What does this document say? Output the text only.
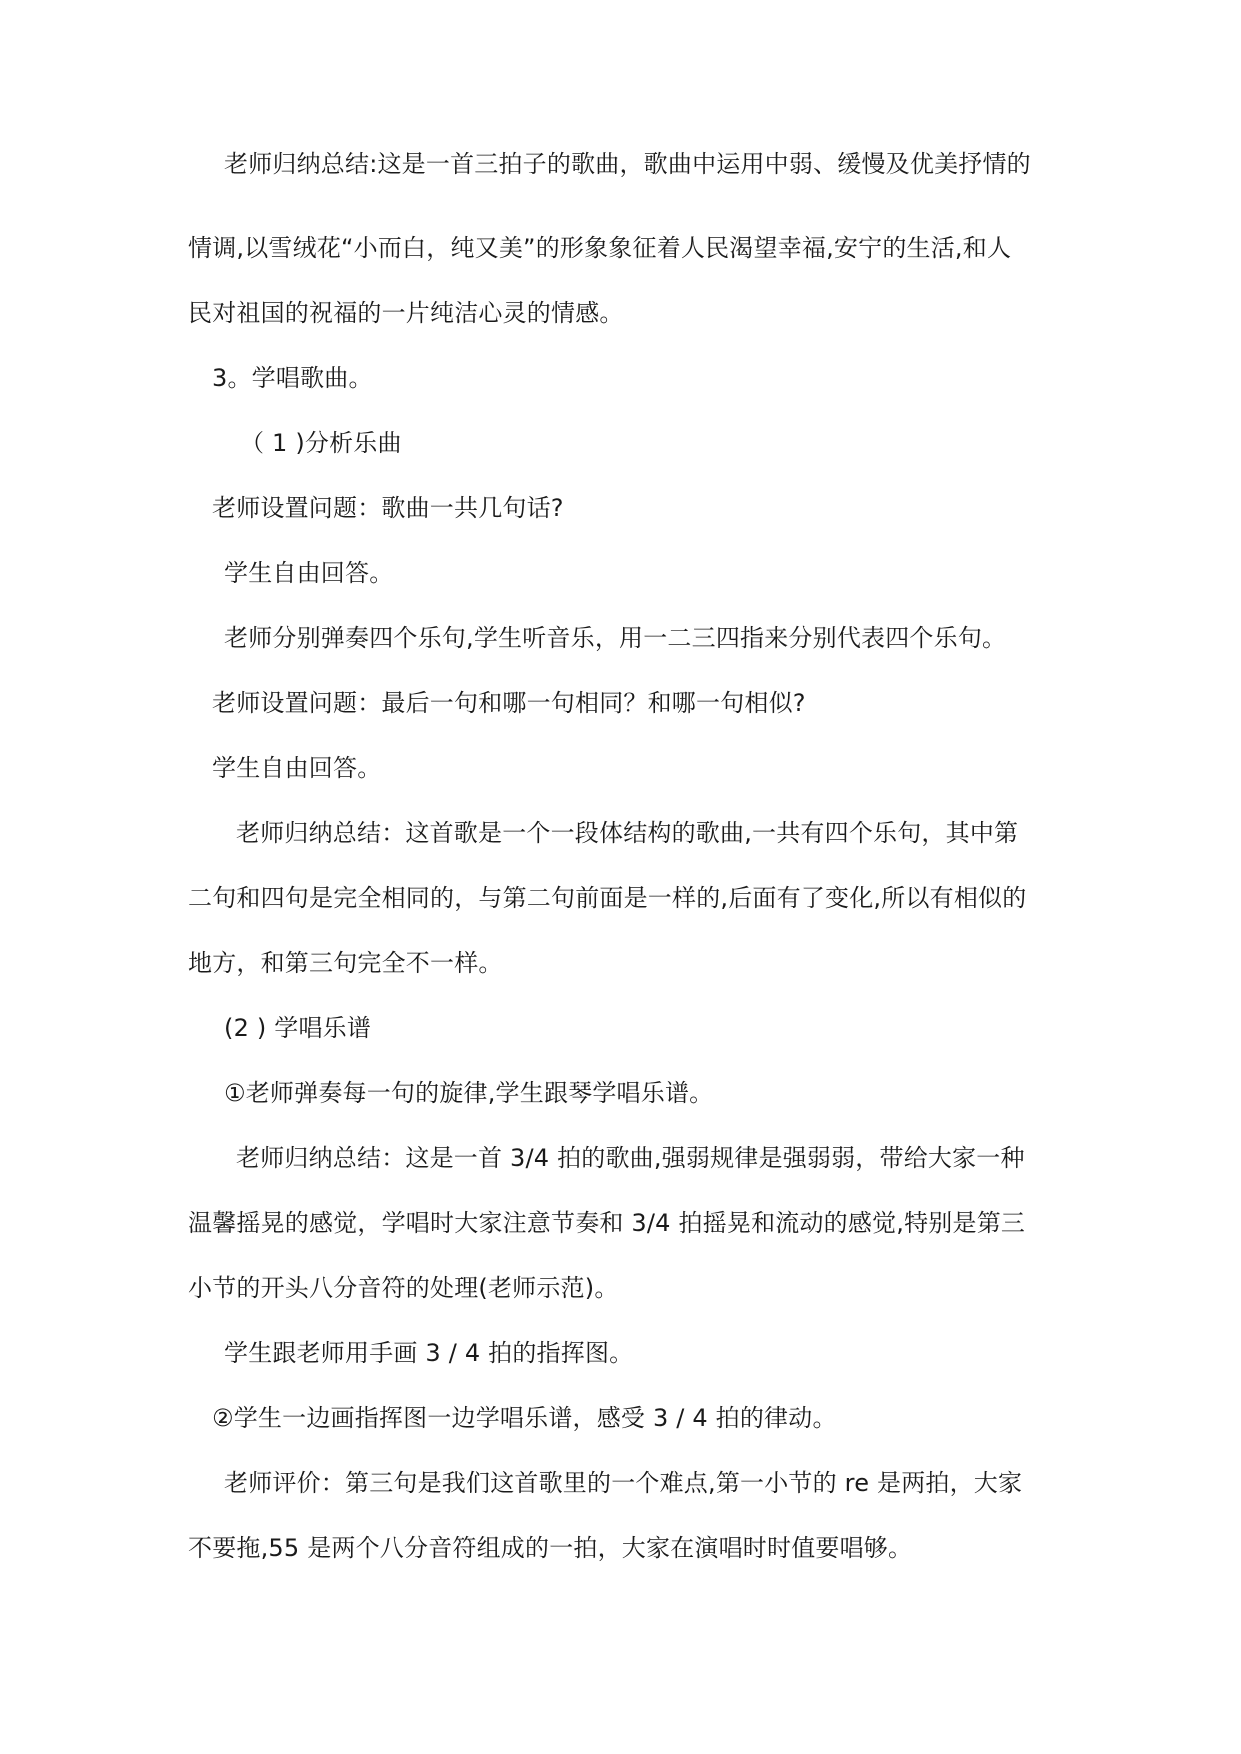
老师归纳总结:这是一首三拍子的歌曲，歌曲中运用中弱、缓慢及优美抒情的
情调,以雪绒花“小而白，纯又美”的形象象征着人民渴望幸福,安宁的生活,和人
民对祖国的祝福的一片纯洁心灵的情感。
3。学唱歌曲。
（ 1 )分析乐曲
老师设置问题：歌曲一共几句话?
学生自由回答。
老师分别弹奏四个乐句,学生听音乐，用一二三四指来分别代表四个乐句。
老师设置问题：最后一句和哪一句相同？和哪一句相似?
学生自由回答。
老师归纳总结：这首歌是一个一段体结构的歌曲,一共有四个乐句，其中第
二句和四句是完全相同的，与第二句前面是一样的,后面有了变化,所以有相似的
地方，和第三句完全不一样。
(2 ) 学唱乐谱
①老师弹奏每一句的旋律,学生跟琴学唱乐谱。
老师归纳总结：这是一首 3/4 拍的歌曲,强弱规律是强弱弱，带给大家一种
温馨摇晃的感觉，学唱时大家注意节奏和 3/4 拍摇晃和流动的感觉,特别是第三
小节的开头八分音符的处理(老师示范)。
学生跟老师用手画 3 / 4 拍的指挥图。
②学生一边画指挥图一边学唱乐谱，感受 3 / 4 拍的律动。
老师评价：第三句是我们这首歌里的一个难点,第一小节的 re 是两拍，大家
不要拖,55 是两个八分音符组成的一拍，大家在演唱时时值要唱够。
